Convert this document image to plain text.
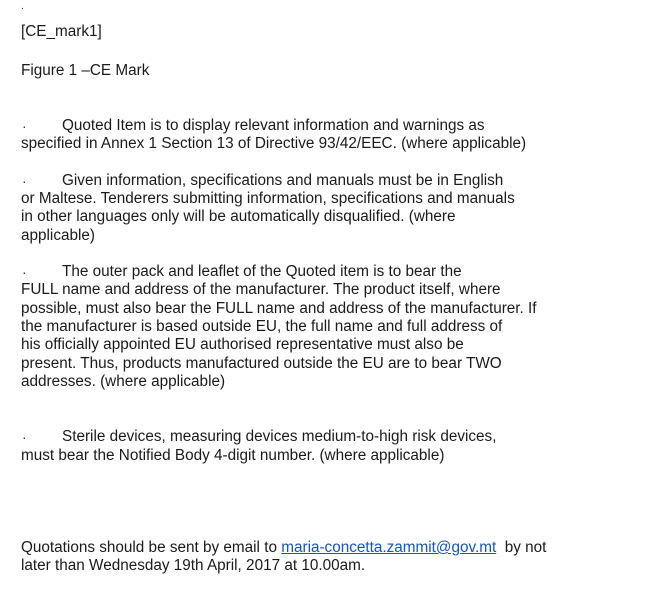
.
[CE_mark1]
Figure 1 –CE Mark
· Quoted Item is to display relevant information and warnings as
specified in Annex 1 Section 13 of Directive 93/42/EEC. (where applicable)
· Given information, specifications and manuals must be in English
or Maltese. Tenderers submitting information, specifications and manuals
in other languages only will be automatically disqualified. (where
applicable)
· The outer pack and leaflet of the Quoted item is to bear the
FULL name and address of the manufacturer. The product itself, where
possible, must also bear the FULL name and address of the manufacturer. If
the manufacturer is based outside EU, the full name and full address of
his officially appointed EU authorised representative must also be
present. Thus, products manufactured outside the EU are to bear TWO
addresses. (where applicable)
· Sterile devices, measuring devices medium-to-high risk devices,
must bear the Notified Body 4-digit number. (where applicable)
Quotations should be sent by email to maria-concetta.zammit@gov.mt  by not
later than Wednesday 19th April, 2017 at 10.00am.
